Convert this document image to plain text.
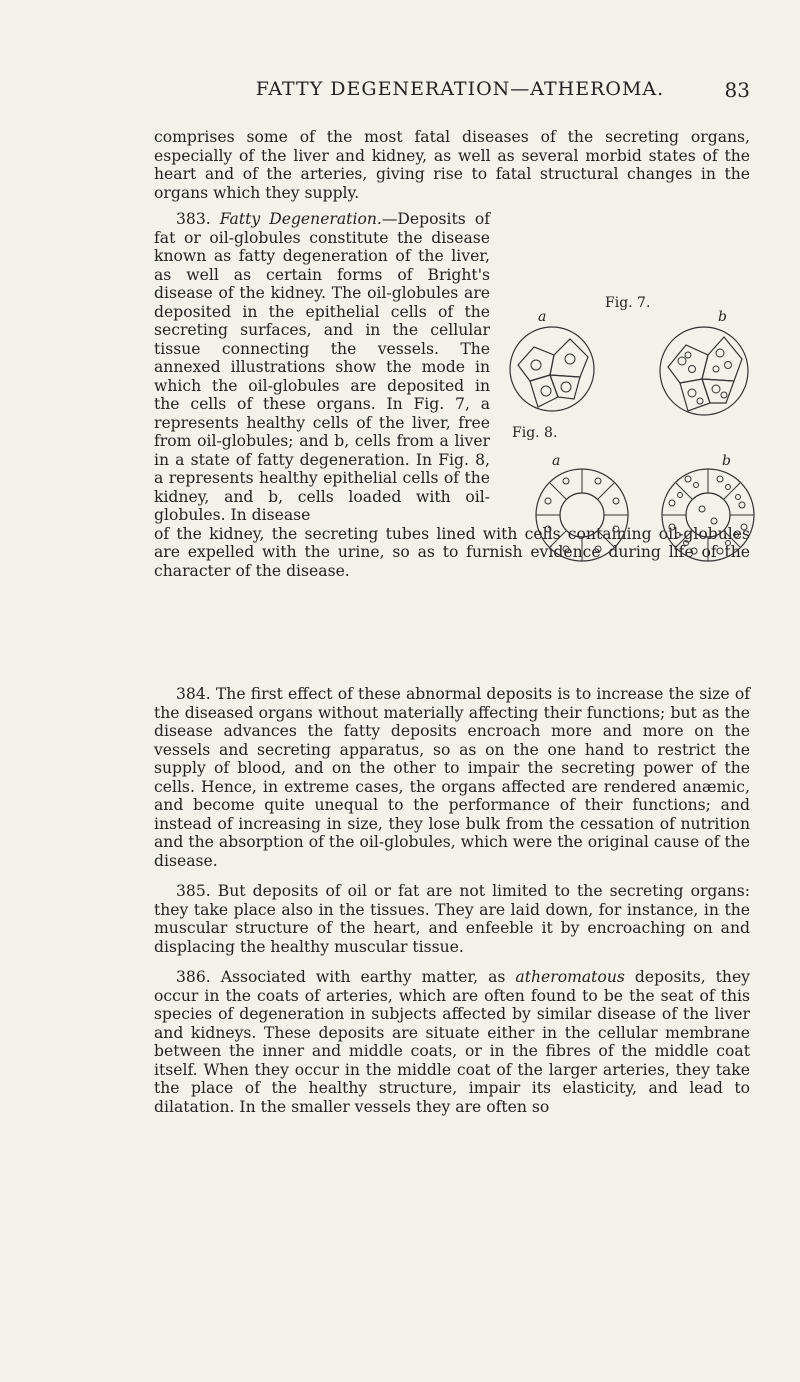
FATTY DEGENERATION—ATHEROMA.	83

comprises some of the most fatal diseases of the secreting organs, especially of the liver and kidney, as well as several morbid states of the heart and of the arteries, giving rise to fatal structural changes in the organs which they supply.

383. Fatty Degeneration.—Deposits of fat or oil-globules constitute the disease known as fatty degeneration of the liver, as well as certain forms of Bright's disease of the kidney. The oil-globules are deposited in the epithelial cells of the secreting surfaces, and in the cellular tissue connecting the vessels. The annexed illustrations show the mode in which the oil-globules are deposited in the cells of these organs. In Fig. 7, a represents healthy cells of the liver, free from oil-globules; and b, cells from a liver in a state of fatty degeneration. In Fig. 8, a represents healthy epithelial cells of the kidney, and b, cells loaded with oil-globules. In disease

of the kidney, the secreting tubes lined with cells containing oil-globules are expelled with the urine, so as to furnish evidence during life of the character of the disease.

Fig. 7.
a	b
Fig. 8.
a	b

384. The first effect of these abnormal deposits is to increase the size of the diseased organs without materially affecting their functions; but as the disease advances the fatty deposits encroach more and more on the vessels and secreting apparatus, so as on the one hand to restrict the supply of blood, and on the other to impair the secreting power of the cells. Hence, in extreme cases, the organs affected are rendered anæmic, and become quite unequal to the performance of their functions; and instead of increasing in size, they lose bulk from the cessation of nutrition and the absorption of the oil-globules, which were the original cause of the disease.

385. But deposits of oil or fat are not limited to the secreting organs: they take place also in the tissues. They are laid down, for instance, in the muscular structure of the heart, and enfeeble it by encroaching on and displacing the healthy muscular tissue.

386. Associated with earthy matter, as atheromatous deposits, they occur in the coats of arteries, which are often found to be the seat of this species of degeneration in subjects affected by similar disease of the liver and kidneys. These deposits are situate either in the cellular membrane between the inner and middle coats, or in the fibres of the middle coat itself. When they occur in the middle coat of the larger arteries, they take the place of the healthy structure, impair its elasticity, and lead to dilatation. In the smaller vessels they are often so
